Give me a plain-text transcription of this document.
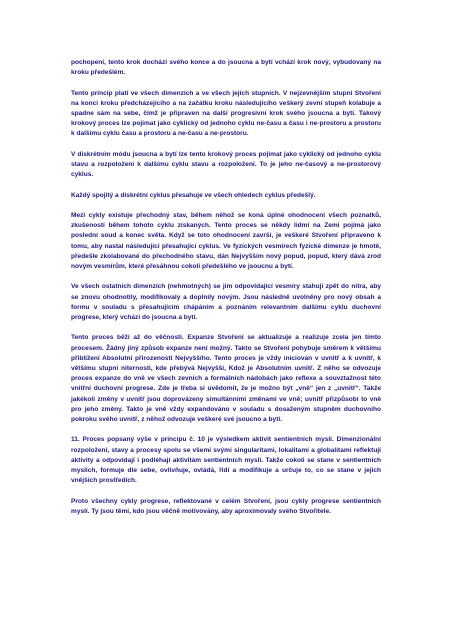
pochopení, tento krok dochází svého konce a do jsoucna a bytí vchází krok nový, vybudovaný na kroku předešlém.

Tento princip platí ve všech dimenzích a ve všech jejích stupních. V nejzevnějším stupni Stvoření na konci kroku předcházejícího a na začátku kroku následujícího veškerý zevní stupeň kolabuje a spadne sám na sebe, čímž je připraven na další progresivní krok svého jsoucna a bytí. Takový krokový proces lze pojímat jako cyklický od jednoho cyklu ne-času a času i ne-prostoru a prostoru k dalšímu cyklu času a prostoru a ne-času a ne-prostoru.

V diskrétním módu jsoucna a bytí lze tento krokový proces pojímat jako cyklický od jednoho cyklu stavu a rozpoložení k dalšímu cyklu stavu a rozpoložení. To je jeho ne-časový a ne-prostorový cyklus.

Každý spojitý a diskrétní cyklus přesahuje ve všech ohledech cyklus předešlý.

Mezi cykly existuje přechodný stav, během něhož se koná úplné ohodnocení všech poznatků, zkušeností během tohoto cyklu získaných. Tento proces se někdy lidmi na Zemi pojímá jako poslední soud a konec světa. Když se toto ohodnocení završí, je veškeré Stvoření připraveno k tomu, aby nastal následující přesahující cyklus. Ve fyzických vesmírech fyzické dimenze je hmotě, předešle zkolabované do přechodného stavu, dán Nejvyšším nový popud, popud, který dává zrod novým vesmírům, které přesáhnou cokoli předešlého ve jsoucnu a bytí.

Ve všech ostatních dimenzích (nehmotných) se jim odpovídající vesmíry stahují zpět do nitra, aby se znovu ohodnotily, modifikovaly a doplnily novým. Jsou následně uvolněny pro nový obsah a formu v souladu s přesahujícím chápáním a poznáním relevantním dalšímu cyklu duchovní progrese, který vchází do jsoucna a bytí.

Tento proces běží až do věčnosti. Expanze Stvoření se aktualizuje a realizuje zcela jen tímto procesem. Žádný jiný způsob expanze není možný. Takto se Stvoření pohybuje směrem k většímu přiblížení Absolutní přirozenosti Nejvyššího. Tento proces je vždy iniciován v uvnitř a k uvnitř, k většímu stupni niternosti, kde přebývá Nejvyšší, Kdož je Absolutním uvnitř. Z něho se odvozuje proces expanze do vně ve všech zevních a formálních nádobách jako reflexe a souvztažnost této vnitřní duchovní progrese. Zde je třeba si uvědomit, že je možno být „vně“ jen z „uvnitř“. Takže jakékoli změny v uvnitř jsou doprovázeny simultánními změnami ve vně; uvnitř přizpůsobí to vně pro jeho změny. Takto je vně vždy expandováno v souladu s dosaženým stupněm duchovního pokroku svého uvnitř, z něhož odvozuje veškeré své jsoucno a bytí.

11. Proces popsaný výše v principu č. 10 je výsledkem aktivit sentientních myslí. Dimenzionální rozpoložení, stavy a procesy spolu se všemi svými singularitami, lokalitami a globalitami reflektují aktivity a odpovídají i podléhají aktivitám sentientních myslí. Takže cokoli se stane v sentientních myslích, formuje dle sebe, ovlivňuje, ovládá, řídí a modifikuje a určuje to, co se stane v jejich vnějších prostředích.

Proto všechny cykly progrese, reflektované v celém Stvoření, jsou cykly progrese sentientních myslí. Ty jsou těmi, kdo jsou věčně motivovány, aby aproximovaly svého Stvořitele.
